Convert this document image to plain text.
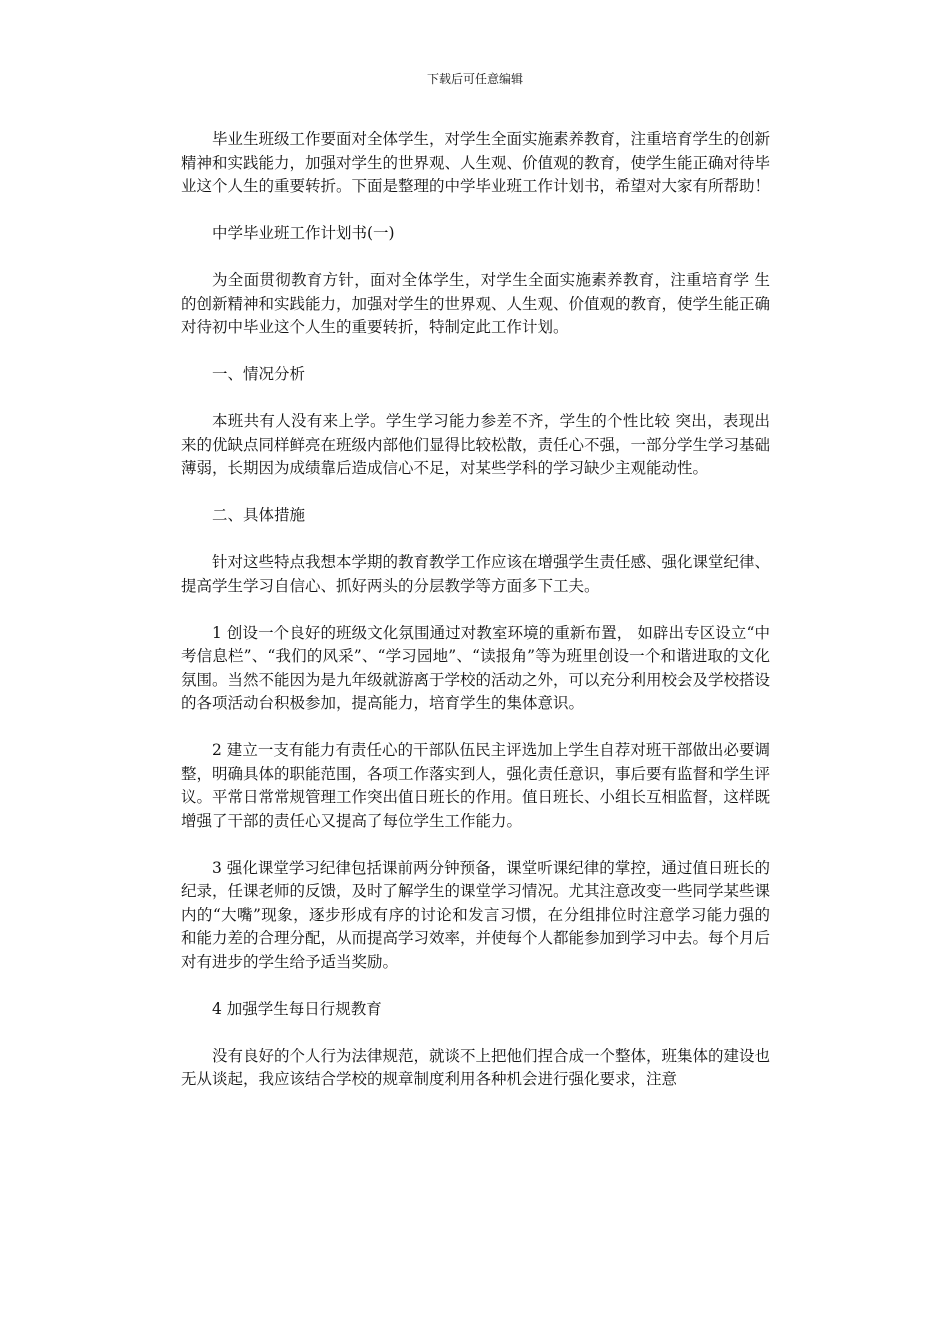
下载后可任意编辑

毕业生班级工作要面对全体学生，对学生全面实施素养教育，注重培育学生的创新精神和实践能力，加强对学生的世界观、人生观、价值观的教育，使学生能正确对待毕业这个人生的重要转折。下面是整理的中学毕业班工作计划书，希望对大家有所帮助！

中学毕业班工作计划书(一)

为全面贯彻教育方针，面对全体学生，对学生全面实施素养教育，注重培育学 生的创新精神和实践能力，加强对学生的世界观、人生观、价值观的教育，使学生能正确对待初中毕业这个人生的重要转折，特制定此工作计划。

一、情况分析

本班共有人没有来上学。学生学习能力参差不齐，学生的个性比较 突出，表现出来的优缺点同样鲜亮在班级内部他们显得比较松散，责任心不强，一部分学生学习基础薄弱，长期因为成绩靠后造成信心不足，对某些学科的学习缺少主观能动性。

二、具体措施

针对这些特点我想本学期的教育教学工作应该在增强学生责任感、强化课堂纪律、提高学生学习自信心、抓好两头的分层教学等方面多下工夫。

1 创设一个良好的班级文化氛围通过对教室环境的重新布置， 如辟出专区设立“中考信息栏”、“我们的风采”、“学习园地”、“读报角”等为班里创设一个和谐进取的文化氛围。当然不能因为是九年级就游离于学校的活动之外，可以充分利用校会及学校搭设的各项活动台积极参加，提高能力，培育学生的集体意识。

2 建立一支有能力有责任心的干部队伍民主评选加上学生自荐对班干部做出必要调整，明确具体的职能范围，各项工作落实到人，强化责任意识，事后要有监督和学生评议。平常日常常规管理工作突出值日班长的作用。值日班长、小组长互相监督，这样既增强了干部的责任心又提高了每位学生工作能力。

3 强化课堂学习纪律包括课前两分钟预备，课堂听课纪律的掌控，通过值日班长的纪录，任课老师的反馈，及时了解学生的课堂学习情况。尤其注意改变一些同学某些课内的“大嘴”现象，逐步形成有序的讨论和发言习惯，在分组排位时注意学习能力强的和能力差的合理分配，从而提高学习效率，并使每个人都能参加到学习中去。每个月后对有进步的学生给予适当奖励。

4 加强学生每日行规教育

没有良好的个人行为法律规范，就谈不上把他们捏合成一个整体，班集体的建设也无从谈起，我应该结合学校的规章制度利用各种机会进行强化要求，注意
